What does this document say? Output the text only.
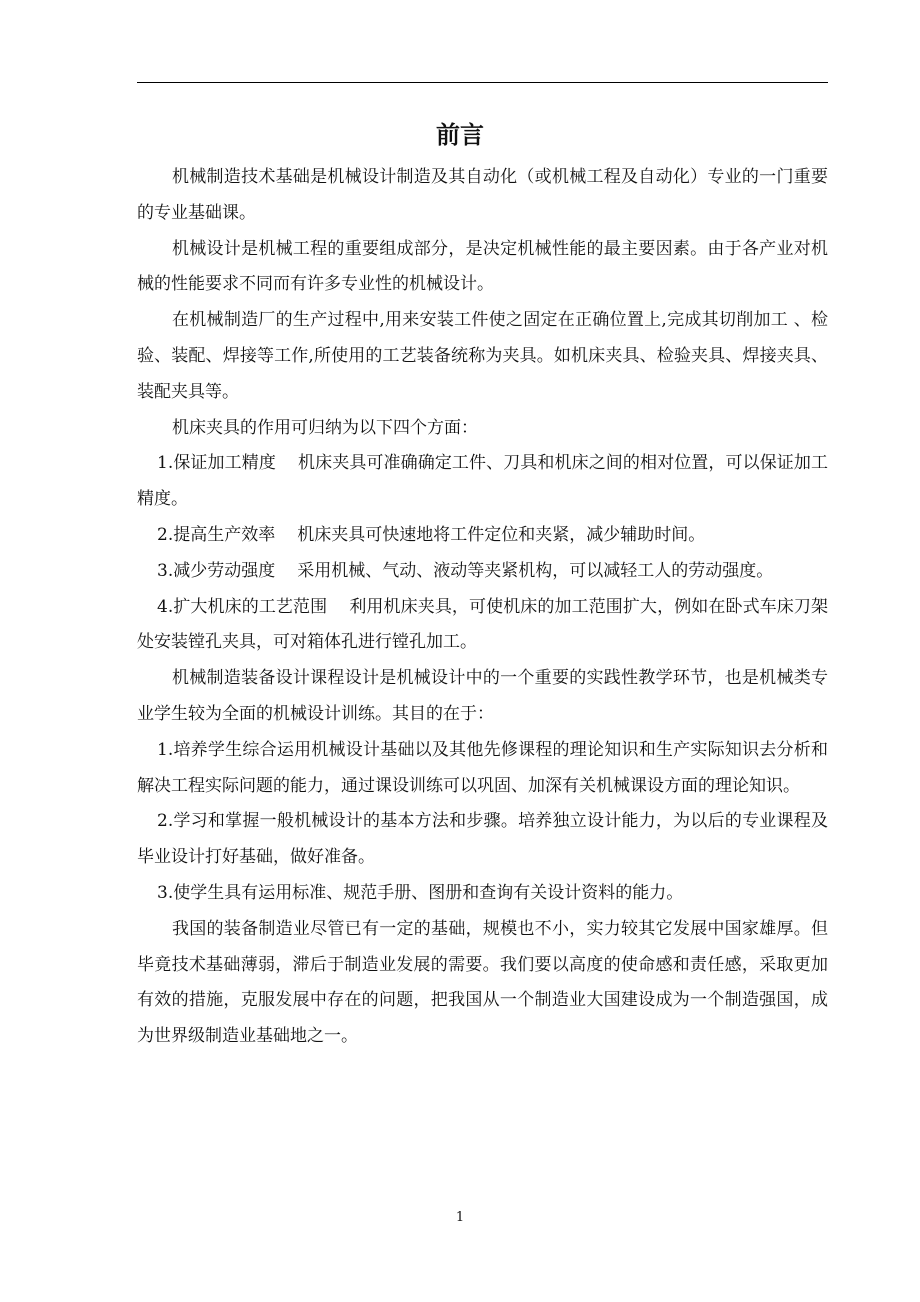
前言

机械制造技术基础是机械设计制造及其自动化（或机械工程及自动化）专业的一门重要的专业基础课。

机械设计是机械工程的重要组成部分，是决定机械性能的最主要因素。由于各产业对机械的性能要求不同而有许多专业性的机械设计。

在机械制造厂的生产过程中,用来安装工件使之固定在正确位置上,完成其切削加工 、检验、装配、焊接等工作,所使用的工艺装备统称为夹具。如机床夹具、检验夹具、焊接夹具、装配夹具等。

机床夹具的作用可归纳为以下四个方面：

1.保证加工精度 机床夹具可准确确定工件、刀具和机床之间的相对位置，可以保证加工精度。

2.提高生产效率 机床夹具可快速地将工件定位和夹紧，减少辅助时间。

3.减少劳动强度 采用机械、气动、液动等夹紧机构，可以减轻工人的劳动强度。

4.扩大机床的工艺范围 利用机床夹具，可使机床的加工范围扩大，例如在卧式车床刀架处安装镗孔夹具，可对箱体孔进行镗孔加工。

机械制造装备设计课程设计是机械设计中的一个重要的实践性教学环节，也是机械类专业学生较为全面的机械设计训练。其目的在于：

1.培养学生综合运用机械设计基础以及其他先修课程的理论知识和生产实际知识去分析和解决工程实际问题的能力，通过课设训练可以巩固、加深有关机械课设方面的理论知识。

2.学习和掌握一般机械设计的基本方法和步骤。培养独立设计能力，为以后的专业课程及毕业设计打好基础，做好准备。

3.使学生具有运用标准、规范手册、图册和查询有关设计资料的能力。

我国的装备制造业尽管已有一定的基础，规模也不小，实力较其它发展中国家雄厚。但毕竟技术基础薄弱，滞后于制造业发展的需要。我们要以高度的使命感和责任感，采取更加有效的措施，克服发展中存在的问题，把我国从一个制造业大国建设成为一个制造强国，成为世界级制造业基础地之一。

1
